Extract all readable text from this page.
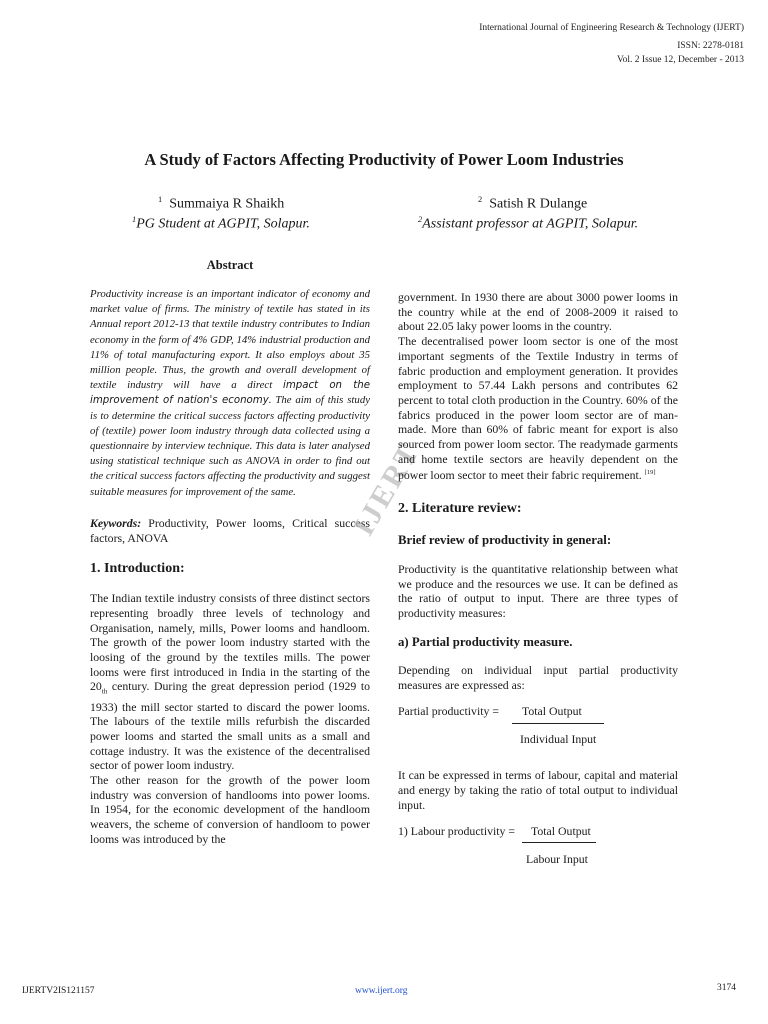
International Journal of Engineering Research & Technology (IJERT)
ISSN: 2278-0181
Vol. 2 Issue 12, December - 2013
A Study of Factors Affecting Productivity of Power Loom Industries
$^1$ Summaiya R Shaikh
$^1$PG Student at AGPIT, Solapur.
$^2$ Satish R Dulange
$^2$Assistant professor at AGPIT, Solapur.
Abstract
Productivity increase is an important indicator of economy and market value of firms. The ministry of textile has stated in its Annual report 2012-13 that textile industry contributes to Indian economy in the form of 4% GDP, 14% industrial production and 11% of total manufacturing export. It also employs about 35 million people. Thus, the growth and overall development of textile industry will have a direct impact on the improvement of nation's economy. The aim of this study is to determine the critical success factors affecting productivity of (textile) power loom industry through data collected using a questionnaire by interview technique. This data is later analysed using statistical technique such as ANOVA in order to find out the critical success factors affecting the productivity and suggest suitable measures for improvement of the same.
Keywords: Productivity, Power looms, Critical success factors, ANOVA
1. Introduction:
The Indian textile industry consists of three distinct sectors representing broadly three levels of technology and Organisation, namely, mills, Power looms and handloom. The growth of the power loom industry started with the loosing of the ground by the textiles mills. The power looms were first introduced in India in the starting of the $20_{th}$ century. During the great depression period (1929 to 1933) the mill sector started to discard the power looms. The labours of the textile mills refurbish the discarded power looms and started the small units as a small and cottage industry. It was the existence of the decentralised sector of power loom industry.
The other reason for the growth of the power loom industry was conversion of handlooms into power looms. In 1954, for the economic development of the handloom weavers, the scheme of conversion of handloom to power looms was introduced by the
IJERT
government. In 1930 there are about 3000 power looms in the country while at the end of 2008-2009 it raised to about 22.05 laky power looms in the country.
The decentralised power loom sector is one of the most important segments of the Textile Industry in terms of fabric production and employment generation. It provides employment to 57.44 Lakh persons and contributes 62 percent to total cloth production in the Country. 60% of the fabrics produced in the power loom sector are of man-made. More than 60% of fabric meant for export is also sourced from power loom sector. The readymade garments and home textile sectors are heavily dependent on the power loom sector to meet their fabric requirement. [19]
2. Literature review:
Brief review of productivity in general:
Productivity is the quantitative relationship between what we produce and the resources we use. It can be defined as the ratio of output to input. There are three types of productivity measures:
a) Partial productivity measure.
Depending on individual input partial productivity measures are expressed as:
Partial productivity = Total Output
Individual Input
It can be expressed in terms of labour, capital and material and energy by taking the ratio of total output to individual input.
1) Labour productivity = Total Output
Labour Input
IJERTV2IS121157	www.ijert.org	3174
